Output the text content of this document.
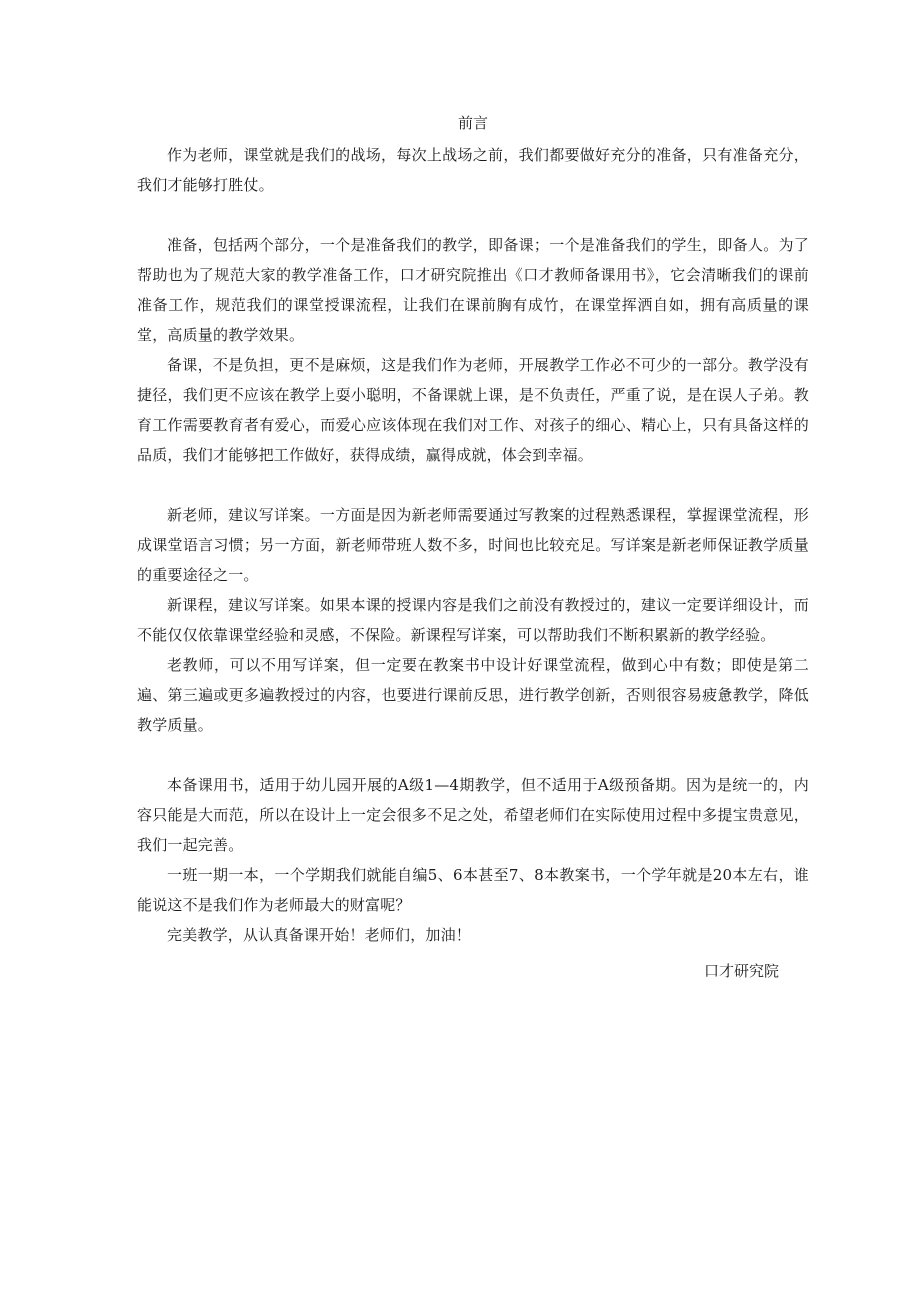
前言

作为老师，课堂就是我们的战场，每次上战场之前，我们都要做好充分的准备，只有准备充分，我们才能够打胜仗。

准备，包括两个部分，一个是准备我们的教学，即备课；一个是准备我们的学生，即备人。为了帮助也为了规范大家的教学准备工作，口才研究院推出《口才教师备课用书》，它会清晰我们的课前准备工作，规范我们的课堂授课流程，让我们在课前胸有成竹，在课堂挥洒自如，拥有高质量的课堂，高质量的教学效果。

备课，不是负担，更不是麻烦，这是我们作为老师，开展教学工作必不可少的一部分。教学没有捷径，我们更不应该在教学上耍小聪明，不备课就上课，是不负责任，严重了说，是在误人子弟。教育工作需要教育者有爱心，而爱心应该体现在我们对工作、对孩子的细心、精心上，只有具备这样的品质，我们才能够把工作做好，获得成绩，赢得成就，体会到幸福。

新老师，建议写详案。一方面是因为新老师需要通过写教案的过程熟悉课程，掌握课堂流程，形成课堂语言习惯；另一方面，新老师带班人数不多，时间也比较充足。写详案是新老师保证教学质量的重要途径之一。

新课程，建议写详案。如果本课的授课内容是我们之前没有教授过的，建议一定要详细设计，而不能仅仅依靠课堂经验和灵感，不保险。新课程写详案，可以帮助我们不断积累新的教学经验。

老教师，可以不用写详案，但一定要在教案书中设计好课堂流程，做到心中有数；即使是第二遍、第三遍或更多遍教授过的内容，也要进行课前反思，进行教学创新，否则很容易疲惫教学，降低教学质量。

本备课用书，适用于幼儿园开展的A级1—4期教学，但不适用于A级预备期。因为是统一的，内容只能是大而范，所以在设计上一定会很多不足之处，希望老师们在实际使用过程中多提宝贵意见，我们一起完善。

一班一期一本，一个学期我们就能自编5、6本甚至7、8本教案书，一个学年就是20本左右，谁能说这不是我们作为老师最大的财富呢？

完美教学，从认真备课开始！老师们，加油！

口才研究院
